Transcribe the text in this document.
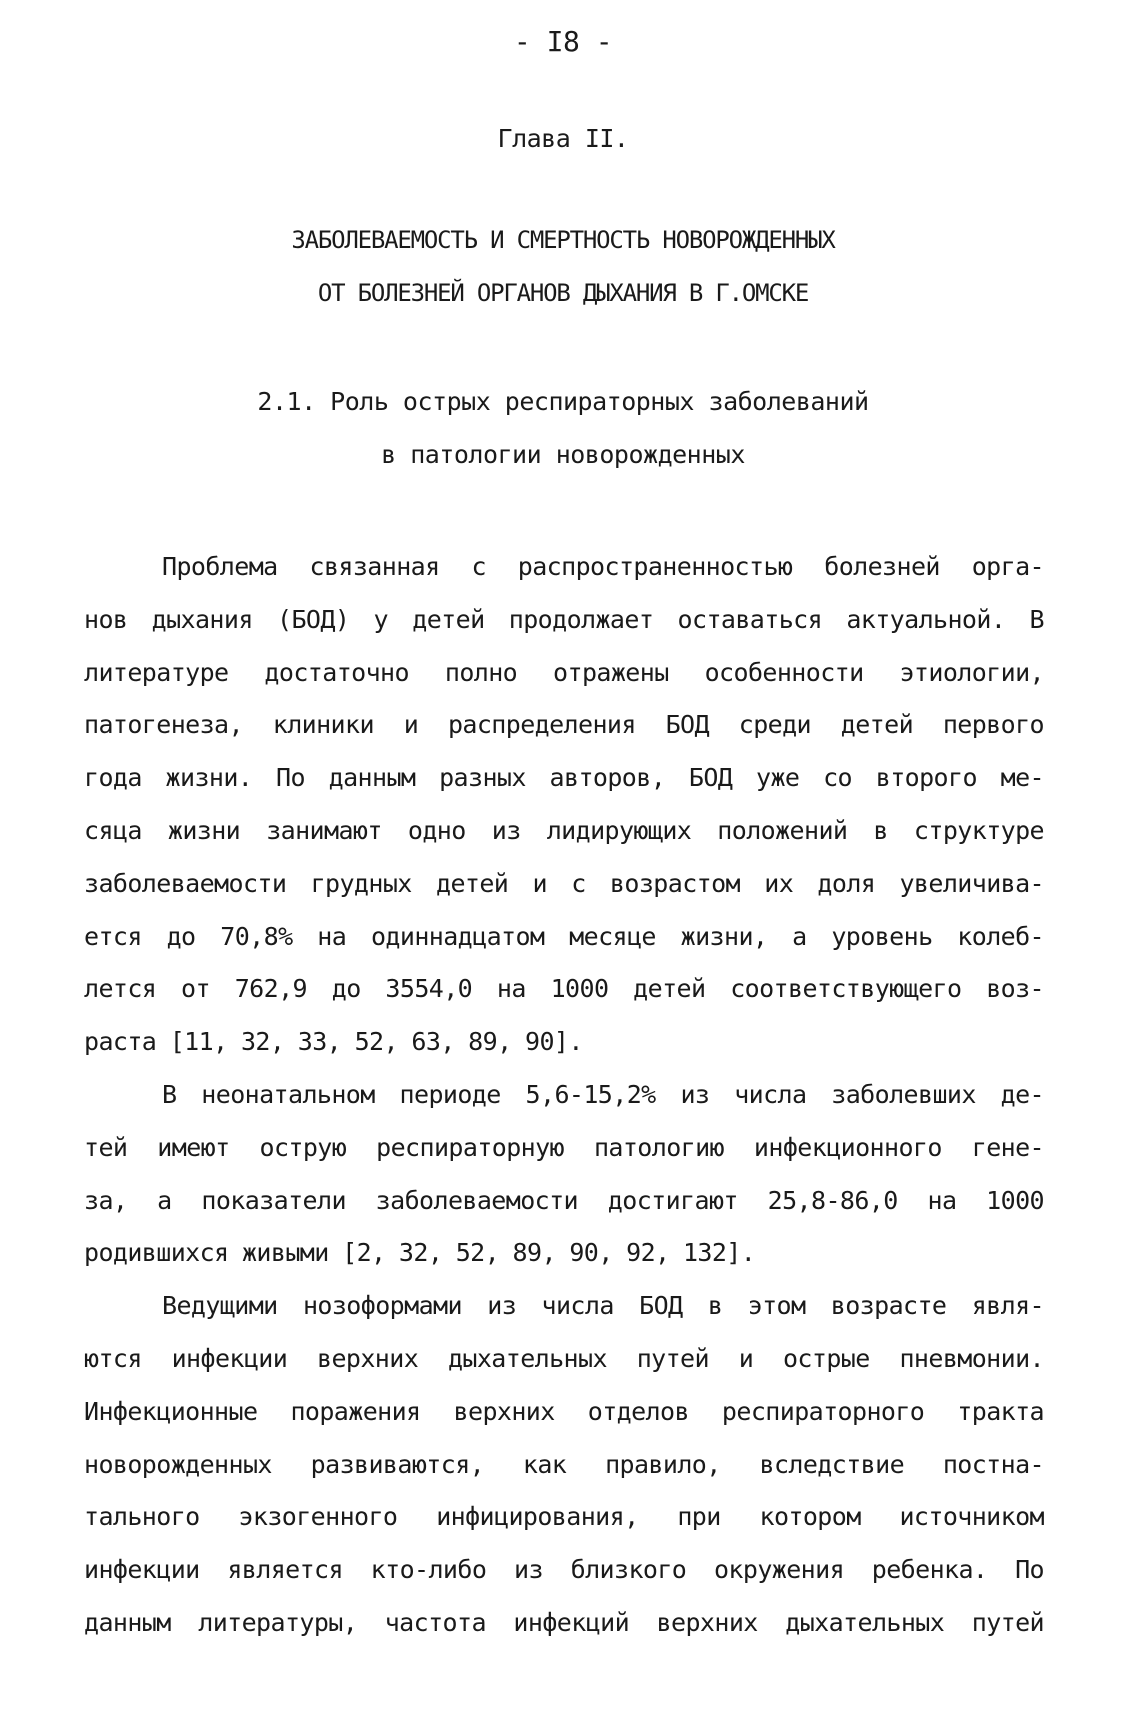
- I8 -
Глава II.
ЗАБОЛЕВАЕМОСТЬ И СМЕРТНОСТЬ НОВОРОЖДЕННЫХ
ОТ БОЛЕЗНЕЙ ОРГАНОВ ДЫХАНИЯ В Г.ОМСКЕ
2.1. Роль острых респираторных заболеваний
в патологии новорожденных
Проблема связанная с распространенностью болезней орга-
нов дыхания (БОД) у детей продолжает оставаться актуальной. В
литературе достаточно полно отражены особенности этиологии,
патогенеза, клиники и распределения БОД среди детей первого
года жизни. По данным разных авторов, БОД уже со второго ме-
сяца жизни занимают одно из лидирующих положений в структуре
заболеваемости грудных детей и с возрастом их доля увеличива-
ется до 70,8% на одиннадцатом месяце жизни, а уровень колеб-
лется от 762,9 до 3554,0 на 1000 детей соответствующего воз-
раста [11, 32, 33, 52, 63, 89, 90].
В неонатальном периоде 5,6-15,2% из числа заболевших де-
тей имеют острую респираторную патологию инфекционного гене-
за, а показатели заболеваемости достигают 25,8-86,0 на 1000
родившихся живыми [2, 32, 52, 89, 90, 92, 132].
Ведущими нозоформами из числа БОД в этом возрасте явля-
ются инфекции верхних дыхательных путей и острые пневмонии.
Инфекционные поражения верхних отделов респираторного тракта
новорожденных развиваются, как правило, вследствие постна-
тального экзогенного инфицирования, при котором источником
инфекции является кто-либо из близкого окружения ребенка. По
данным литературы, частота инфекций верхних дыхательных путей
